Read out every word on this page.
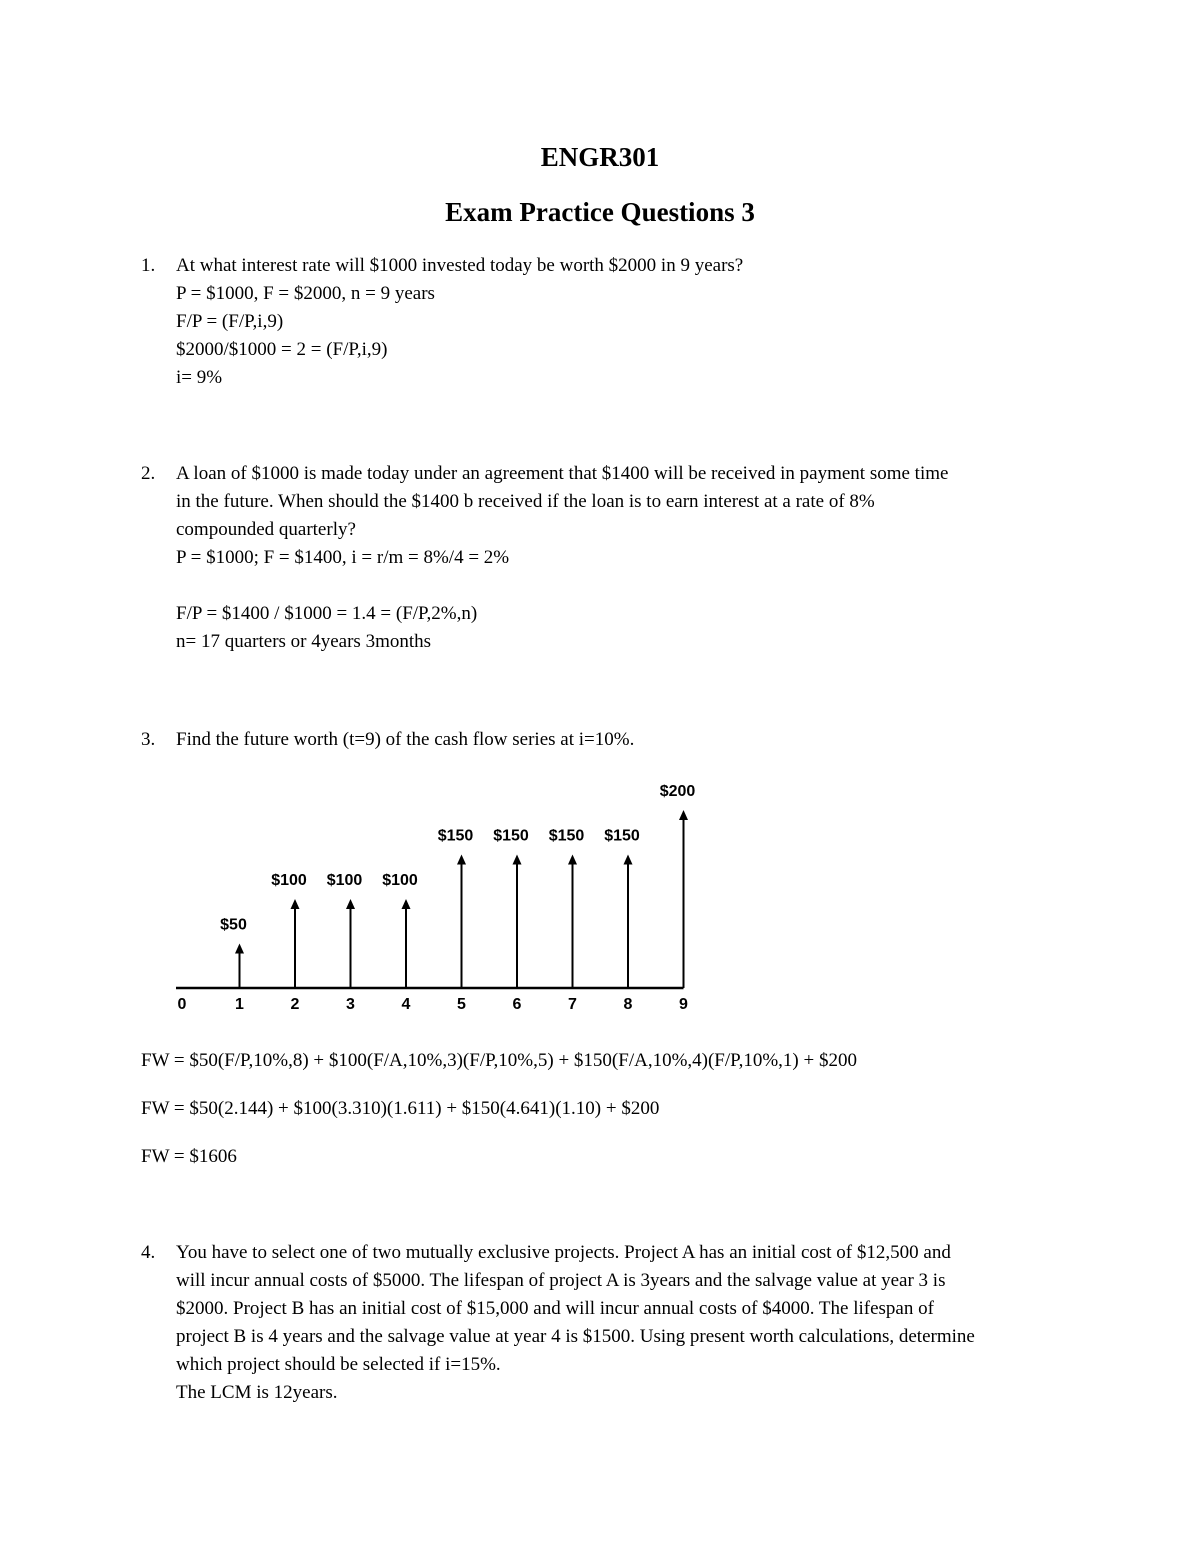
ENGR301
Exam Practice Questions 3
1. At what interest rate will $1000 invested today be worth $2000 in 9 years?
P = $1000, F = $2000, n = 9 years
F/P = (F/P,i,9)
$2000/$1000 = 2 = (F/P,i,9)
i= 9%
2. A loan of $1000 is made today under an agreement that $1400 will be received in payment some time
in the future. When should the $1400 b received if the loan is to earn interest at a rate of 8%
compounded quarterly?
P = $1000; F = $1400, i = r/m = 8%/4 = 2%
F/P = $1400 / $1000 = 1.4 = (F/P,2%,n)
n= 17 quarters or 4years 3months
3. Find the future worth (t=9) of the cash flow series at i=10%.
0
$50
1
$100
2
$100
3
$100
4
$150
5
$150
6
$150
7
$150
8
$200
9
FW = $50(F/P,10%,8) + $100(F/A,10%,3)(F/P,10%,5) + $150(F/A,10%,4)(F/P,10%,1) + $200
FW = $50(2.144) + $100(3.310)(1.611) + $150(4.641)(1.10) + $200
FW = $1606
4. You have to select one of two mutually exclusive projects. Project A has an initial cost of $12,500 and
will incur annual costs of $5000. The lifespan of project A is 3years and the salvage value at year 3 is
$2000. Project B has an initial cost of $15,000 and will incur annual costs of $4000. The lifespan of
project B is 4 years and the salvage value at year 4 is $1500. Using present worth calculations, determine
which project should be selected if i=15%.
The LCM is 12years.
